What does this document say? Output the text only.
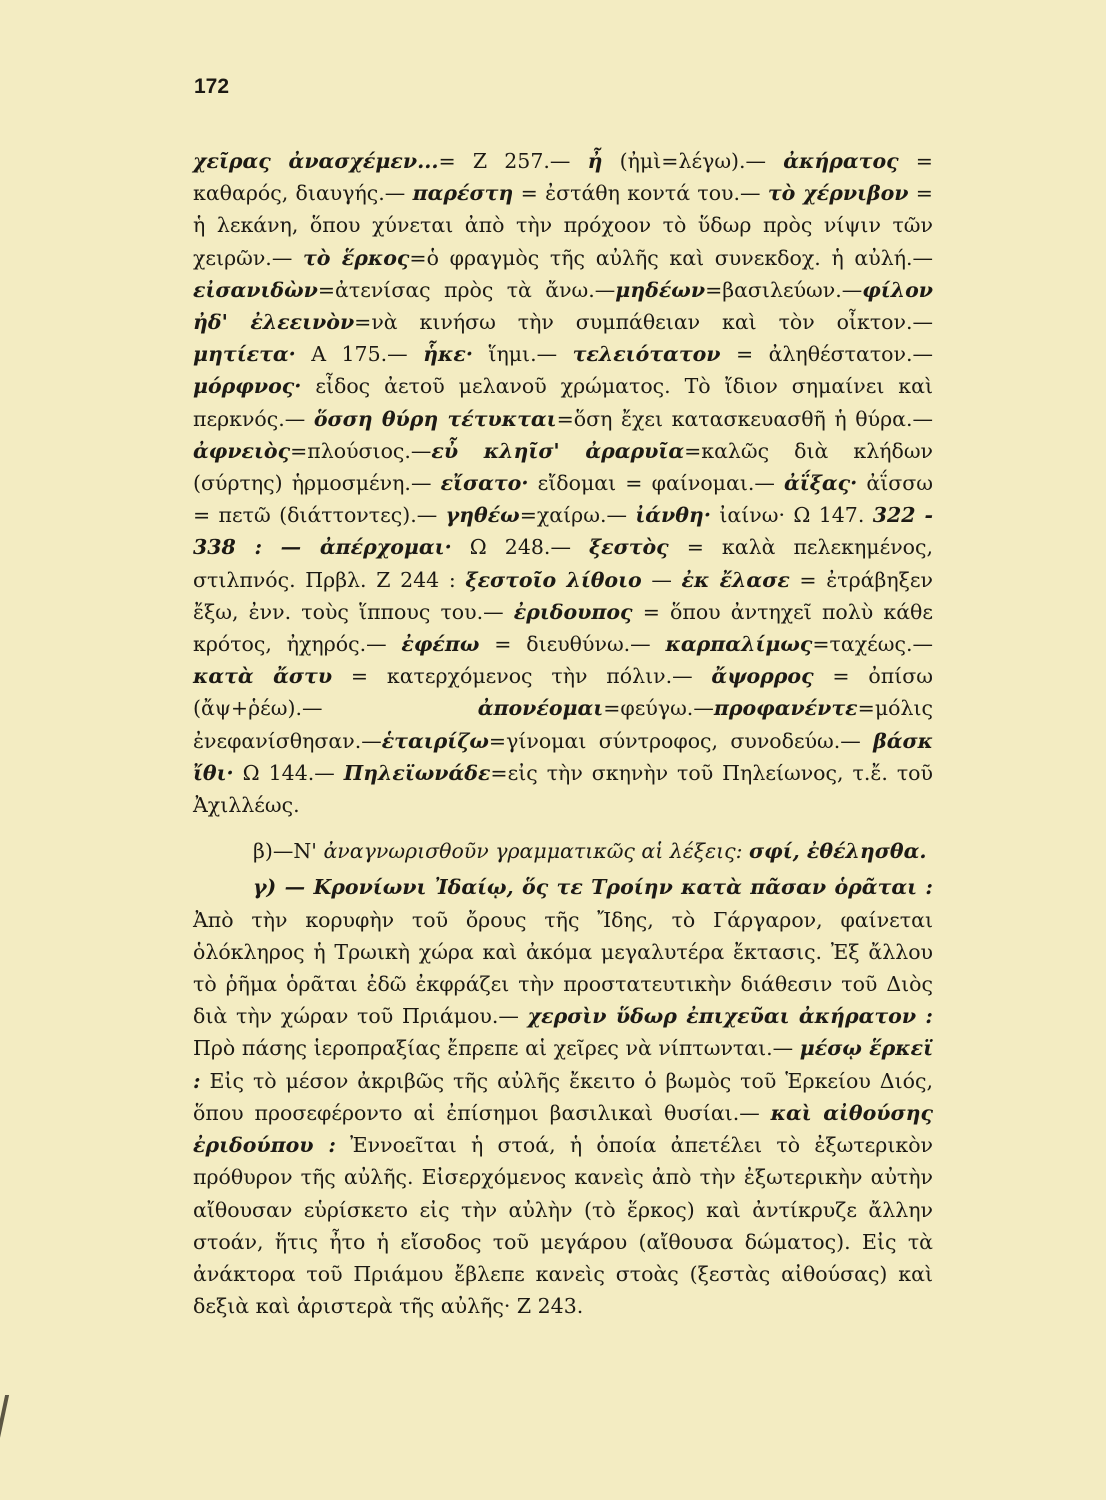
172

χεῖρας ἀνασχέμεν...= Ζ 257.— ἦ (ἠμὶ=λέγω).— ἀκήρατος = καθαρός, διαυγής.— παρέστη = ἐστάθη κοντά του.— τὸ χέρνιβον = ἡ λεκάνη, ὅπου χύνεται ἀπὸ τὴν πρόχοον τὸ ὕδωρ πρὸς νίψιν τῶν χειρῶν.— τὸ ἕρκος=ὁ φραγμὸς τῆς αὐλῆς καὶ συνεκδοχ. ἡ αὐλή.—εἰσανιδὼν=ἀτενίσας πρὸς τὰ ἄνω.—μηδέων=βασιλεύων.—φίλον ἠδ' ἐλεεινὸν=νὰ κινήσω τὴν συμπάθειαν καὶ τὸν οἶκτον.— μητίετα· Α 175.— ἧκε· ἵημι.— τελειότατον = ἀληθέστατον.— μόρφνος· εἶδος ἀετοῦ μελανοῦ χρώματος. Τὸ ἴδιον σημαίνει καὶ περκνός.— ὅσση θύρη τέτυκται=ὅση ἔχει κατασκευασθῆ ἡ θύρα.— ἀφνειὸς=πλούσιος.—εὖ κληῖσ' ἀραρυῖα=καλῶς διὰ κλήδων (σύρτης) ἡρμοσμένη.— εἴσατο· εἴδομαι = φαίνομαι.— ἀΐξας· ἀΐσσω = πετῶ (διάττοντες).— γηθέω=χαίρω.— ἰάνθη· ἰαίνω· Ω 147. 322 - 338 : — ἀπέρχομαι· Ω 248.— ξεστὸς = καλὰ πελεκημένος, στιλπνός. Πρβλ. Ζ 244 : ξεστοῖο λίθοιο — ἐκ ἔλασε = ἐτράβηξεν ἔξω, ἐνν. τοὺς ἵππους του.— ἐριδουπος = ὅπου ἀντηχεῖ πολὺ κάθε κρότος, ἠχηρός.— ἐφέπω = διευθύνω.— καρπαλίμως=ταχέως.— κατὰ ἄστυ = κατερχόμενος τὴν πόλιν.— ἄψορρος = ὀπίσω (ἄψ+ῥέω).— ἀπονέομαι=φεύγω.—προφανέντε=μόλις ἐνεφανίσθησαν.—ἑταιρίζω=γίνομαι σύντροφος, συνοδεύω.— βάσκ ἴθι· Ω 144.— Πηλεϊωνάδε=εἰς τὴν σκηνὴν τοῦ Πηλείωνος, τ.ἔ. τοῦ Ἀχιλλέως.

β)—Ν' ἀναγνωρισθοῦν γραμματικῶς αἱ λέξεις: σφί, ἐθέλησθα.

γ) — Κρονίωνι Ἰδαίῳ, ὅς τε Τροίην κατὰ πᾶσαν ὁρᾶται : Ἀπὸ τὴν κορυφὴν τοῦ ὄρους τῆς Ἴδης, τὸ Γάργαρον, φαίνεται ὁλόκληρος ἡ Τρωικὴ χώρα καὶ ἀκόμα μεγαλυτέρα ἔκτασις. Ἐξ ἄλλου τὸ ῥῆμα ὁρᾶται ἐδῶ ἐκφράζει τὴν προστατευτικὴν διάθεσιν τοῦ Διὸς διὰ τὴν χώραν τοῦ Πριάμου.— χερσὶν ὕδωρ ἐπιχεῦαι ἀκήρατον : Πρὸ πάσης ἱεροπραξίας ἔπρεπε αἱ χεῖρες νὰ νίπτωνται.— μέσῳ ἕρκεϊ : Εἰς τὸ μέσον ἀκριβῶς τῆς αὐλῆς ἔκειτο ὁ βωμὸς τοῦ Ἑρκείου Διός, ὅπου προσεφέροντο αἱ ἐπίσημοι βασιλικαὶ θυσίαι.— καὶ αἰθούσης ἐριδούπου : Ἐννοεῖται ἡ στοά, ἡ ὁποία ἀπετέλει τὸ ἐξωτερικὸν πρόθυρον τῆς αὐλῆς. Εἰσερχόμενος κανεὶς ἀπὸ τὴν ἐξωτερικὴν αὐτὴν αἴθουσαν εὑρίσκετο εἰς τὴν αὐλὴν (τὸ ἕρκος) καὶ ἀντίκρυζε ἄλλην στοάν, ἥτις ἦτο ἡ εἴσοδος τοῦ μεγάρου (αἴθουσα δώματος). Εἰς τὰ ἀνάκτορα τοῦ Πριάμου ἔβλεπε κανεὶς στοὰς (ξεστὰς αἰθούσας) καὶ δεξιὰ καὶ ἀριστερὰ τῆς αὐλῆς· Ζ 243.
